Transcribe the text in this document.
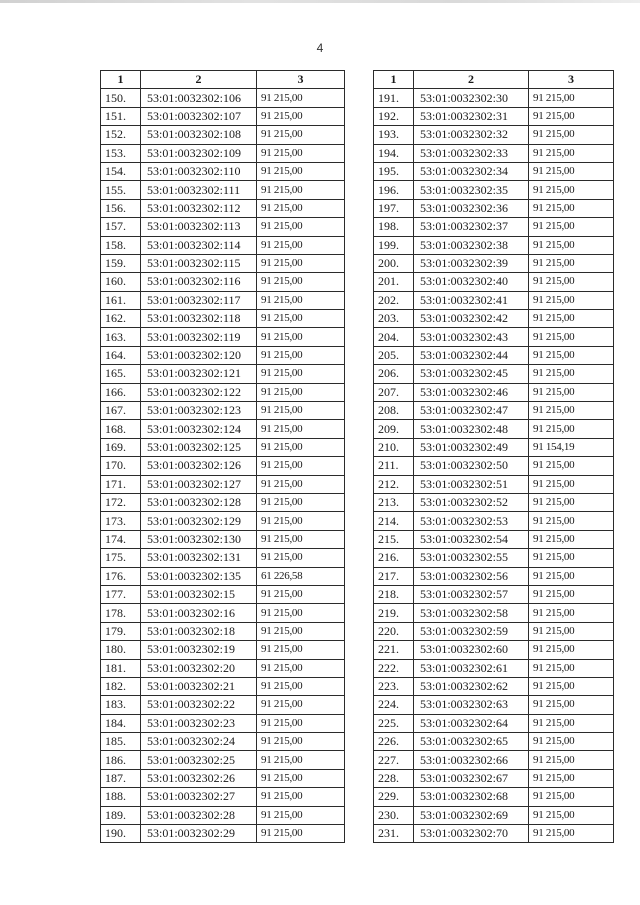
4
1	2	3
150.	53:01:0032302:106	91 215,00
151.	53:01:0032302:107	91 215,00
152.	53:01:0032302:108	91 215,00
153.	53:01:0032302:109	91 215,00
154.	53:01:0032302:110	91 215,00
155.	53:01:0032302:111	91 215,00
156.	53:01:0032302:112	91 215,00
157.	53:01:0032302:113	91 215,00
158.	53:01:0032302:114	91 215,00
159.	53:01:0032302:115	91 215,00
160.	53:01:0032302:116	91 215,00
161.	53:01:0032302:117	91 215,00
162.	53:01:0032302:118	91 215,00
163.	53:01:0032302:119	91 215,00
164.	53:01:0032302:120	91 215,00
165.	53:01:0032302:121	91 215,00
166.	53:01:0032302:122	91 215,00
167.	53:01:0032302:123	91 215,00
168.	53:01:0032302:124	91 215,00
169.	53:01:0032302:125	91 215,00
170.	53:01:0032302:126	91 215,00
171.	53:01:0032302:127	91 215,00
172.	53:01:0032302:128	91 215,00
173.	53:01:0032302:129	91 215,00
174.	53:01:0032302:130	91 215,00
175.	53:01:0032302:131	91 215,00
176.	53:01:0032302:135	61 226,58
177.	53:01:0032302:15	91 215,00
178.	53:01:0032302:16	91 215,00
179.	53:01:0032302:18	91 215,00
180.	53:01:0032302:19	91 215,00
181.	53:01:0032302:20	91 215,00
182.	53:01:0032302:21	91 215,00
183.	53:01:0032302:22	91 215,00
184.	53:01:0032302:23	91 215,00
185.	53:01:0032302:24	91 215,00
186.	53:01:0032302:25	91 215,00
187.	53:01:0032302:26	91 215,00
188.	53:01:0032302:27	91 215,00
189.	53:01:0032302:28	91 215,00
190.	53:01:0032302:29	91 215,00
1	2	3
191.	53:01:0032302:30	91 215,00
192.	53:01:0032302:31	91 215,00
193.	53:01:0032302:32	91 215,00
194.	53:01:0032302:33	91 215,00
195.	53:01:0032302:34	91 215,00
196.	53:01:0032302:35	91 215,00
197.	53:01:0032302:36	91 215,00
198.	53:01:0032302:37	91 215,00
199.	53:01:0032302:38	91 215,00
200.	53:01:0032302:39	91 215,00
201.	53:01:0032302:40	91 215,00
202.	53:01:0032302:41	91 215,00
203.	53:01:0032302:42	91 215,00
204.	53:01:0032302:43	91 215,00
205.	53:01:0032302:44	91 215,00
206.	53:01:0032302:45	91 215,00
207.	53:01:0032302:46	91 215,00
208.	53:01:0032302:47	91 215,00
209.	53:01:0032302:48	91 215,00
210.	53:01:0032302:49	91 154,19
211.	53:01:0032302:50	91 215,00
212.	53:01:0032302:51	91 215,00
213.	53:01:0032302:52	91 215,00
214.	53:01:0032302:53	91 215,00
215.	53:01:0032302:54	91 215,00
216.	53:01:0032302:55	91 215,00
217.	53:01:0032302:56	91 215,00
218.	53:01:0032302:57	91 215,00
219.	53:01:0032302:58	91 215,00
220.	53:01:0032302:59	91 215,00
221.	53:01:0032302:60	91 215,00
222.	53:01:0032302:61	91 215,00
223.	53:01:0032302:62	91 215,00
224.	53:01:0032302:63	91 215,00
225.	53:01:0032302:64	91 215,00
226.	53:01:0032302:65	91 215,00
227.	53:01:0032302:66	91 215,00
228.	53:01:0032302:67	91 215,00
229.	53:01:0032302:68	91 215,00
230.	53:01:0032302:69	91 215,00
231.	53:01:0032302:70	91 215,00
